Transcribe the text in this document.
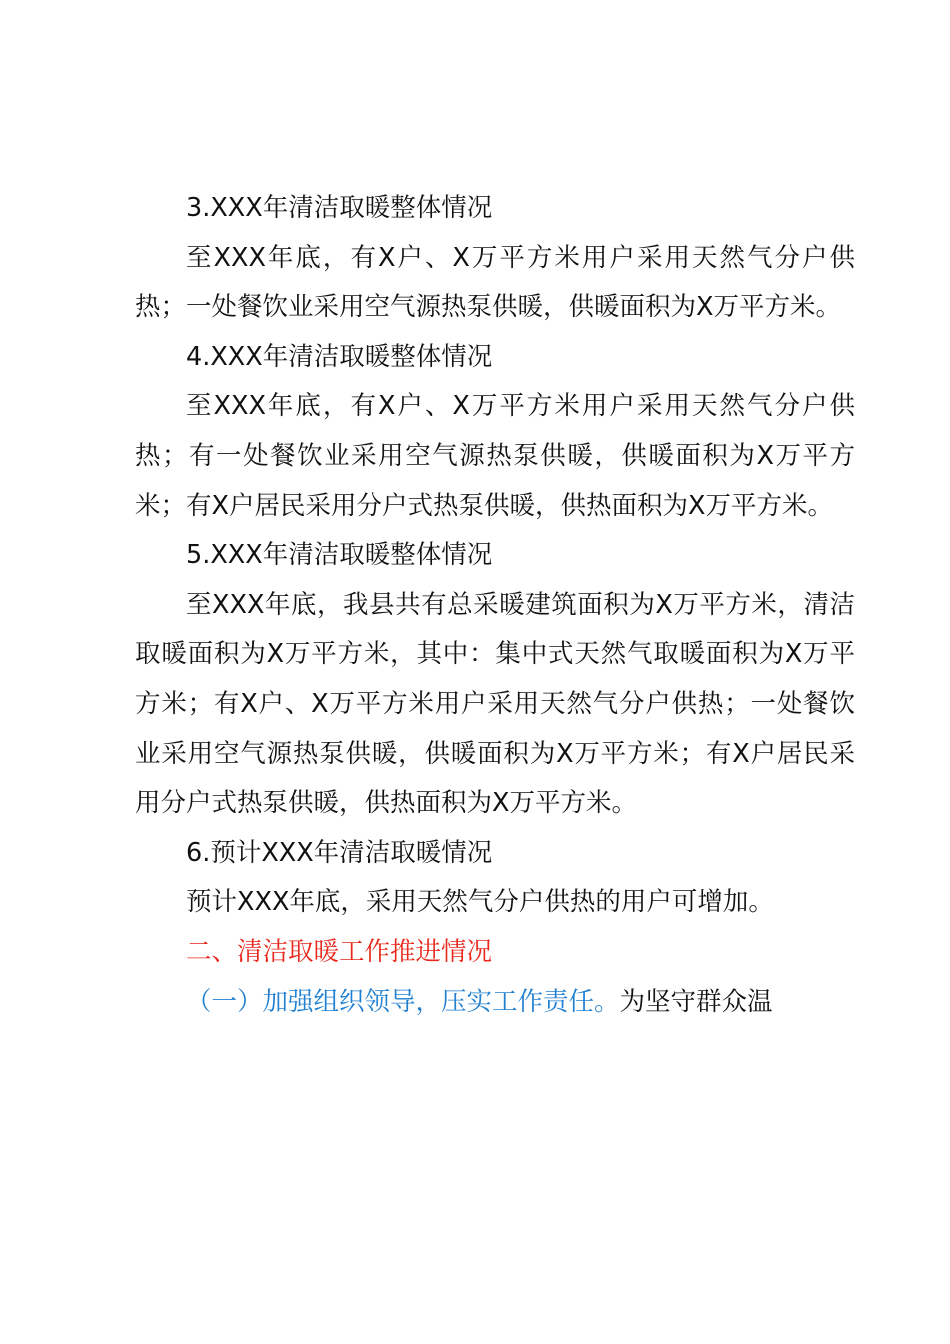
3.XXX年清洁取暖整体情况

至XXX年底，有X户、X万平方米用户采用天然气分户供热；一处餐饮业采用空气源热泵供暖，供暖面积为X万平方米。

4.XXX年清洁取暖整体情况

至XXX年底，有X户、X万平方米用户采用天然气分户供热；有一处餐饮业采用空气源热泵供暖，供暖面积为X万平方米；有X户居民采用分户式热泵供暖，供热面积为X万平方米。

5.XXX年清洁取暖整体情况

至XXX年底，我县共有总采暖建筑面积为X万平方米，清洁取暖面积为X万平方米，其中：集中式天然气取暖面积为X万平方米；有X户、X万平方米用户采用天然气分户供热；一处餐饮业采用空气源热泵供暖，供暖面积为X万平方米；有X户居民采用分户式热泵供暖，供热面积为X万平方米。

6.预计XXX年清洁取暖情况

预计XXX年底，采用天然气分户供热的用户可增加。

二、清洁取暖工作推进情况

（一）加强组织领导，压实工作责任。为坚守群众温
